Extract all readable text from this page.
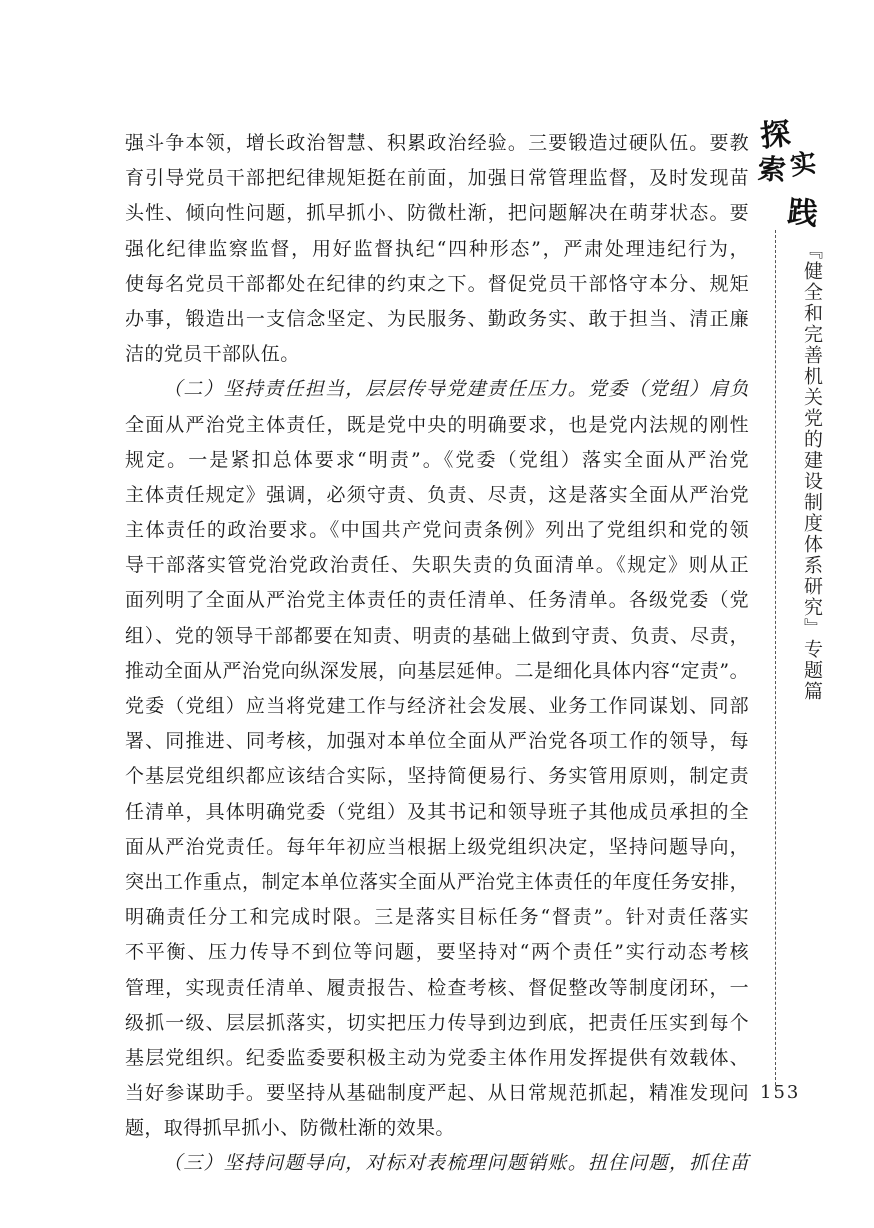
强斗争本领，增长政治智慧、积累政治经验。三要锻造过硬队伍。要教
育引导党员干部把纪律规矩挺在前面，加强日常管理监督，及时发现苗
头性、倾向性问题，抓早抓小、防微杜渐，把问题解决在萌芽状态。要
强化纪律监察监督，用好监督执纪“四种形态”，严肃处理违纪行为，
使每名党员干部都处在纪律的约束之下。督促党员干部恪守本分、规矩
办事，锻造出一支信念坚定、为民服务、勤政务实、敢于担当、清正廉
洁的党员干部队伍。
（二）坚持责任担当，层层传导党建责任压力。党委（党组）肩负
全面从严治党主体责任，既是党中央的明确要求，也是党内法规的刚性
规定。一是紧扣总体要求“明责”。《党委（党组）落实全面从严治党
主体责任规定》强调，必须守责、负责、尽责，这是落实全面从严治党
主体责任的政治要求。《中国共产党问责条例》列出了党组织和党的领
导干部落实管党治党政治责任、失职失责的负面清单。《规定》则从正
面列明了全面从严治党主体责任的责任清单、任务清单。各级党委（党
组）、党的领导干部都要在知责、明责的基础上做到守责、负责、尽责，
推动全面从严治党向纵深发展，向基层延伸。二是细化具体内容“定责”。
党委（党组）应当将党建工作与经济社会发展、业务工作同谋划、同部
署、同推进、同考核，加强对本单位全面从严治党各项工作的领导，每
个基层党组织都应该结合实际，坚持简便易行、务实管用原则，制定责
任清单，具体明确党委（党组）及其书记和领导班子其他成员承担的全
面从严治党责任。每年年初应当根据上级党组织决定，坚持问题导向，
突出工作重点，制定本单位落实全面从严治党主体责任的年度任务安排，
明确责任分工和完成时限。三是落实目标任务“督责”。针对责任落实
不平衡、压力传导不到位等问题，要坚持对“两个责任”实行动态考核
管理，实现责任清单、履责报告、检查考核、督促整改等制度闭环，一
级抓一级、层层抓落实，切实把压力传导到边到底，把责任压实到每个
基层党组织。纪委监委要积极主动为党委主体作用发挥提供有效载体、
当好参谋助手。要坚持从基础制度严起、从日常规范抓起，精准发现问
题，取得抓早抓小、防微杜渐的效果。
（三）坚持问题导向，对标对表梳理问题销账。扭住问题，抓住苗
探
索 实
践
『健全和完善机关党的建设制度体系研究』专题篇
153
